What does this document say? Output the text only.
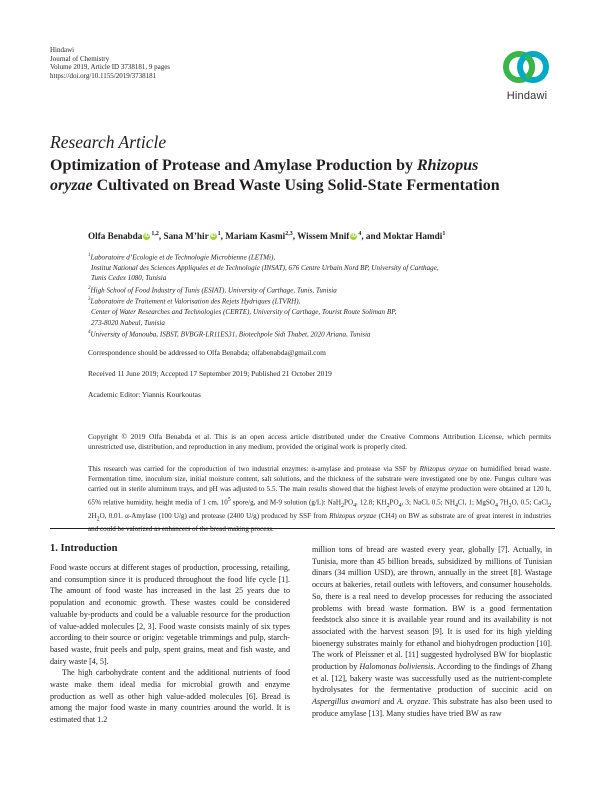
Hindawi
Journal of Chemistry
Volume 2019, Article ID 3738181, 9 pages
https://doi.org/10.1155/2019/3738181
Hindawi
Research Article
Optimization of Protease and Amylase Production by Rhizopus
oryzae Cultivated on Bread Waste Using Solid-State Fermentation
Olfa Benabda iD $^{1,2}$, Sana M’hir iD $^1$, Mariam Kasmi$^{2,3}$, Wissem Mnif iD $^4$, and Moktar Hamdi$^1$
$^1$Laboratoire d’Ecologie et de Technologie Microbienne (LETMi),
Institut National des Sciences Appliquées et de Technologie (INSAT), 676 Centre Urbain Nord BP, University of Carthage,
Tunis Cedex 1080, Tunisia
$^2$High School of Food Industry of Tunis (ESIAT), University of Carthage, Tunis, Tunisia
$^3$Laboratoire de Traitement et Valorisation des Rejets Hydriques (LTVRH),
Center of Water Researches and Technologies (CERTE), University of Carthage, Tourist Route Soliman BP,
273-8020 Nabeul, Tunisia
$^4$University of Manouba, ISBST, BVBGR-LR11ES31, Biotechpole Sidi Thabet, 2020 Ariana, Tunisia
Correspondence should be addressed to Olfa Benabda; olfabenabda@gmail.com
Received 11 June 2019; Accepted 17 September 2019; Published 21 October 2019
Academic Editor: Yiannis Kourkoutas
Copyright © 2019 Olfa Benabda et al. This is an open access article distributed under the Creative Commons Attribution License, which permits unrestricted use, distribution, and reproduction in any medium, provided the original work is properly cited.
This research was carried for the coproduction of two industrial enzymes: α-amylase and protease via SSF by Rhizopus oryzae on humidified bread waste. Fermentation time, inoculum size, initial moisture content, salt solutions, and the thickness of the substrate were investigated one by one. Fungus culture was carried out in sterile aluminum trays, and pH was adjusted to 5.5. The main results showed that the highest levels of enzyme production were obtained at 120 h, 65% relative humidity, height media of 1 cm, $10^5$ spore/g, and M-9 solution (g/L): $NaH_2PO_4$, 12.8; $KH_2PO_4$, 3; NaCl, 0.5; $NH_4Cl$, 1; MgSO$_4$ $7H_2O$, 0.5; CaCl$_2$ $2H_2O$, 0.01. α-Amylase (100 U/g) and protease (2400 U/g) produced by SSF from Rhizopus oryzae (CH4) on BW as substrate are of great interest in industries and could be valorized as enhancers of the bread making process.
1. Introduction

Food waste occurs at different stages of production, processing, retailing, and consumption since it is produced throughout the food life cycle [1]. The amount of food waste has increased in the last 25 years due to population and economic growth. These wastes could be considered valuable by-products and could be a valuable resource for the production of value-added molecules [2, 3]. Food waste consists mainly of six types according to their source or origin: vegetable trimmings and pulp, starch-based waste, fruit peels and pulp, spent grains, meat and fish waste, and dairy waste [4, 5].

The high carbohydrate content and the additional nutrients of food waste make them ideal media for microbial growth and enzyme production as well as other high value-added molecules [6]. Bread is among the major food waste in many countries around the world. It is estimated that 1.2

million tons of bread are wasted every year, globally [7]. Actually, in Tunisia, more than 45 billion breads, subsidized by millions of Tunisian dinars (34 million USD), are thrown, annually in the street [8]. Wastage occurs at bakeries, retail outlets with leftovers, and consumer households. So, there is a real need to develop processes for reducing the associated problems with bread waste formation. BW is a good fermentation feedstock also since it is available year round and its availability is not associated with the harvest season [9]. It is used for its high yielding bioenergy substrates mainly for ethanol and biohydrogen production [10]. The work of Pleissner et al. [11] suggested hydrolysed BW for bioplastic production by Halomonas boliviensis. According to the findings of Zhang et al. [12], bakery waste was successfully used as the nutrient-complete hydrolysates for the fermentative production of succinic acid on Aspergillus awamori and A. oryzae. This substrate has also been used to produce amylase [13]. Many studies have tried BW as raw
